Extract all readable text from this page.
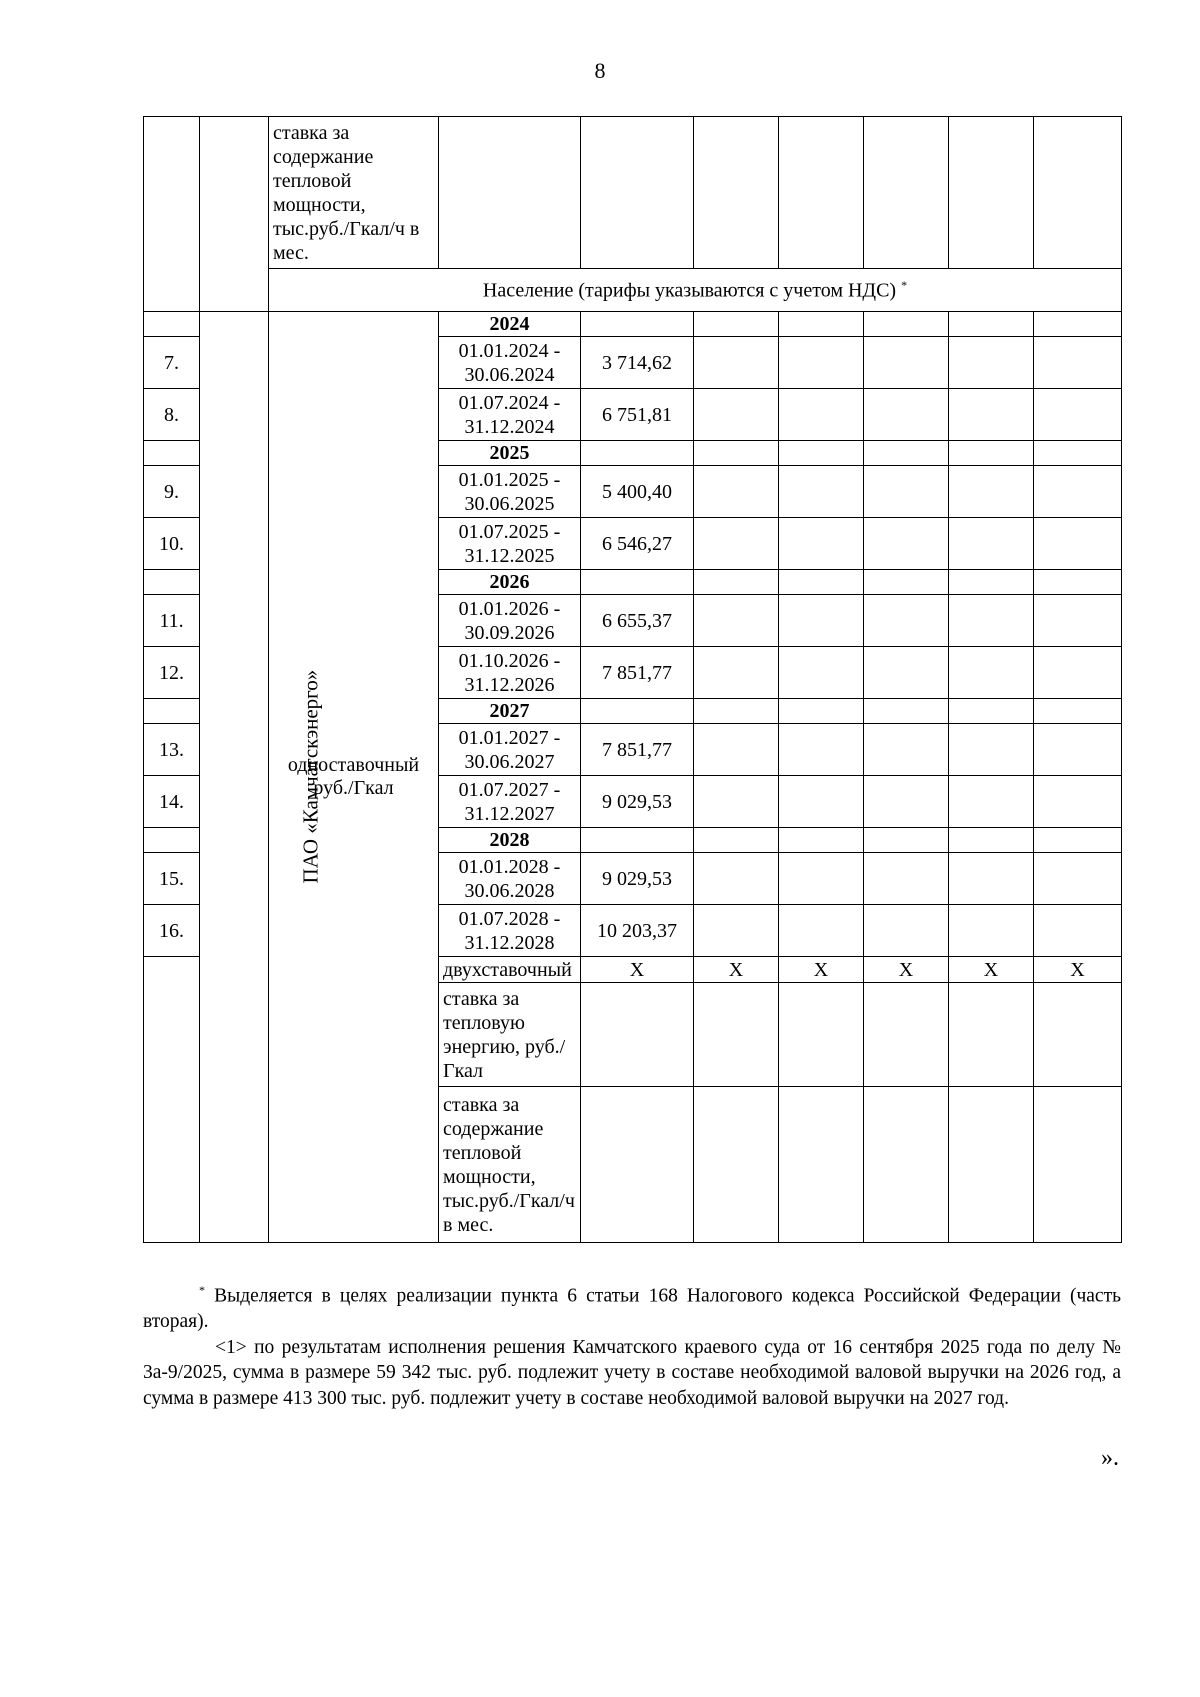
8
		ставка за содержание тепловой мощности, тыс.руб./Гкал/ч в мес.								
		Население (тарифы указываются с учетом НДС) *
	ПАО «Камчатскэнерго»	одноставочный руб./Гкал	2024							
7.			01.01.2024 - 30.06.2024	3 714,62						
8.			01.07.2024 - 31.12.2024	6 751,81						
			2025							
9.			01.01.2025 - 30.06.2025	5 400,40						
10.			01.07.2025 - 31.12.2025	6 546,27						
			2026							
11.			01.01.2026 - 30.09.2026	6 655,37						
12.			01.10.2026 - 31.12.2026	7 851,77						
			2027							
13.			01.01.2027 - 30.06.2027	7 851,77						
14.			01.07.2027 - 31.12.2027	9 029,53						
			2028							
15.			01.01.2028 - 30.06.2028	9 029,53						
16.			01.07.2028 - 31.12.2028	10 203,37						
			двухставочный	Х	Х	Х	Х	Х	Х	
			ставка за тепловую энергию, руб./Гкал							
			ставка за содержание тепловой мощности, тыс.руб./Гкал/ч в мес.							
* Выделяется в целях реализации пункта 6 статьи 168 Налогового кодекса Российской Федерации (часть вторая).
<1> по результатам исполнения решения Камчатского краевого суда от 16 сентября 2025 года по делу № 3а-9/2025, сумма в размере 59 342 тыс. руб. подлежит учету в составе необходимой валовой выручки на 2026 год, а сумма в размере 413 300 тыс. руб. подлежит учету в составе необходимой валовой выручки на 2027 год.
».
